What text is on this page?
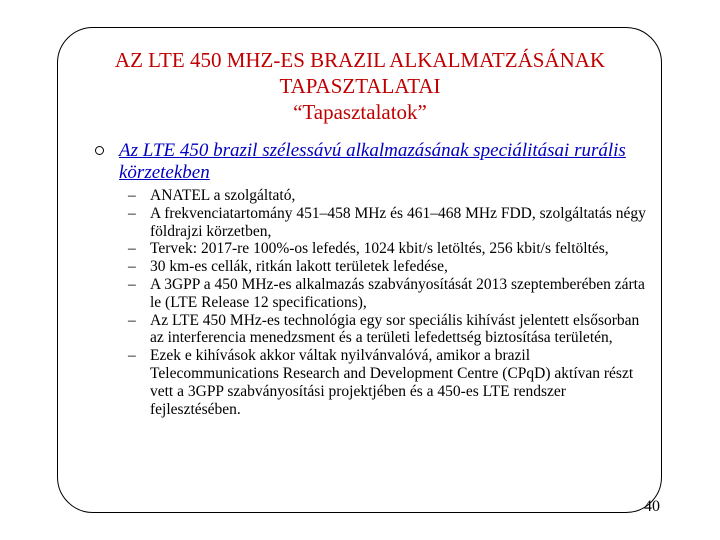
AZ LTE 450 MHZ-ES BRAZIL ALKALMATZÁSÁNAK
TAPASZTALATAI
“Tapasztalatok”
Az LTE 450 brazil szélessávú alkalmazásának speciálitásai rurális körzetekben
– ANATEL a szolgáltató,
– A frekvenciatartomány 451–458 MHz és 461–468 MHz FDD, szolgáltatás négy földrajzi körzetben,
– Tervek: 2017-re 100%-os lefedés, 1024 kbit/s letöltés, 256 kbit/s feltöltés,
– 30 km-es cellák, ritkán lakott területek lefedése,
– A 3GPP a 450 MHz-es alkalmazás szabványosítását 2013 szeptemberében zárta le (LTE Release 12 specifications),
– Az LTE 450 MHz-es technológia egy sor speciális kihívást jelentett elsősorban az interferencia menedzsment és a területi lefedettség biztosítása területén,
– Ezek e kihívások akkor váltak nyilvánvalóvá, amikor a brazil Telecommunications Research and Development Centre (CPqD) aktívan részt vett a 3GPP szabványosítási projektjében és a 450-es LTE rendszer fejlesztésében.
40
